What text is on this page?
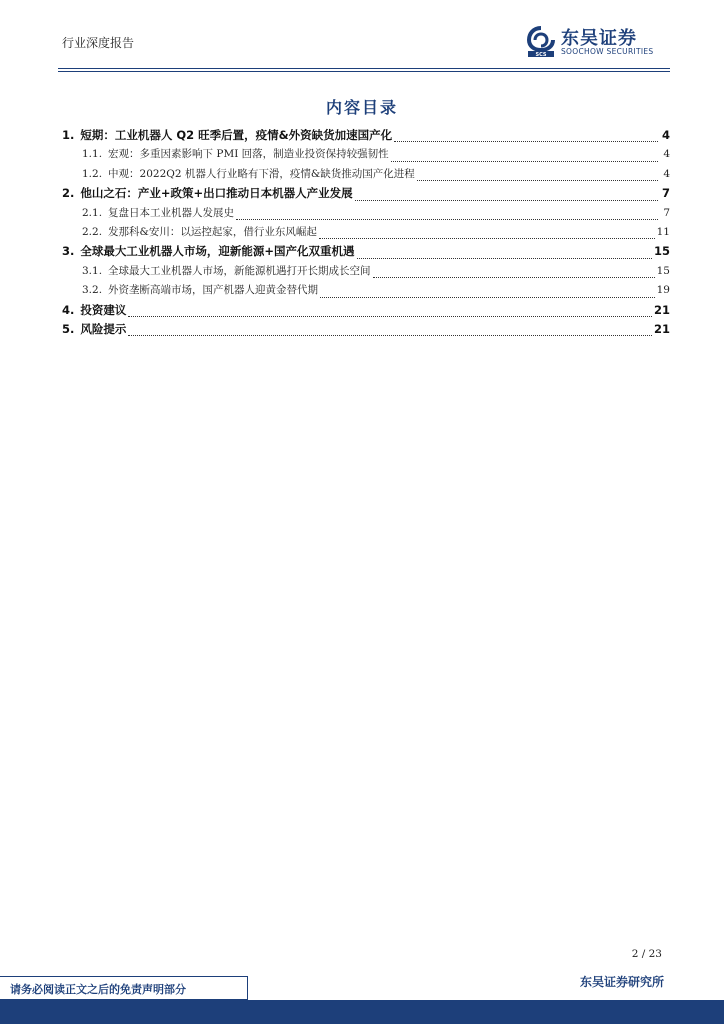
行业深度报告
SCS
东吴证券
SOOCHOW SECURITIES
内容目录
1. 短期：工业机器人 Q2 旺季后置，疫情&外资缺货加速国产化	4
1.1. 宏观：多重因素影响下 PMI 回落，制造业投资保持较强韧性	4
1.2. 中观：2022Q2 机器人行业略有下滑，疫情&缺货推动国产化进程	4
2. 他山之石：产业+政策+出口推动日本机器人产业发展	7
2.1. 复盘日本工业机器人发展史	7
2.2. 发那科&安川：以运控起家，借行业东风崛起	11
3. 全球最大工业机器人市场，迎新能源+国产化双重机遇	15
3.1. 全球最大工业机器人市场，新能源机遇打开长期成长空间	15
3.2. 外资垄断高端市场，国产机器人迎黄金替代期	19
4. 投资建议	21
5. 风险提示	21
2 / 23
东吴证券研究所
请务必阅读正文之后的免责声明部分
